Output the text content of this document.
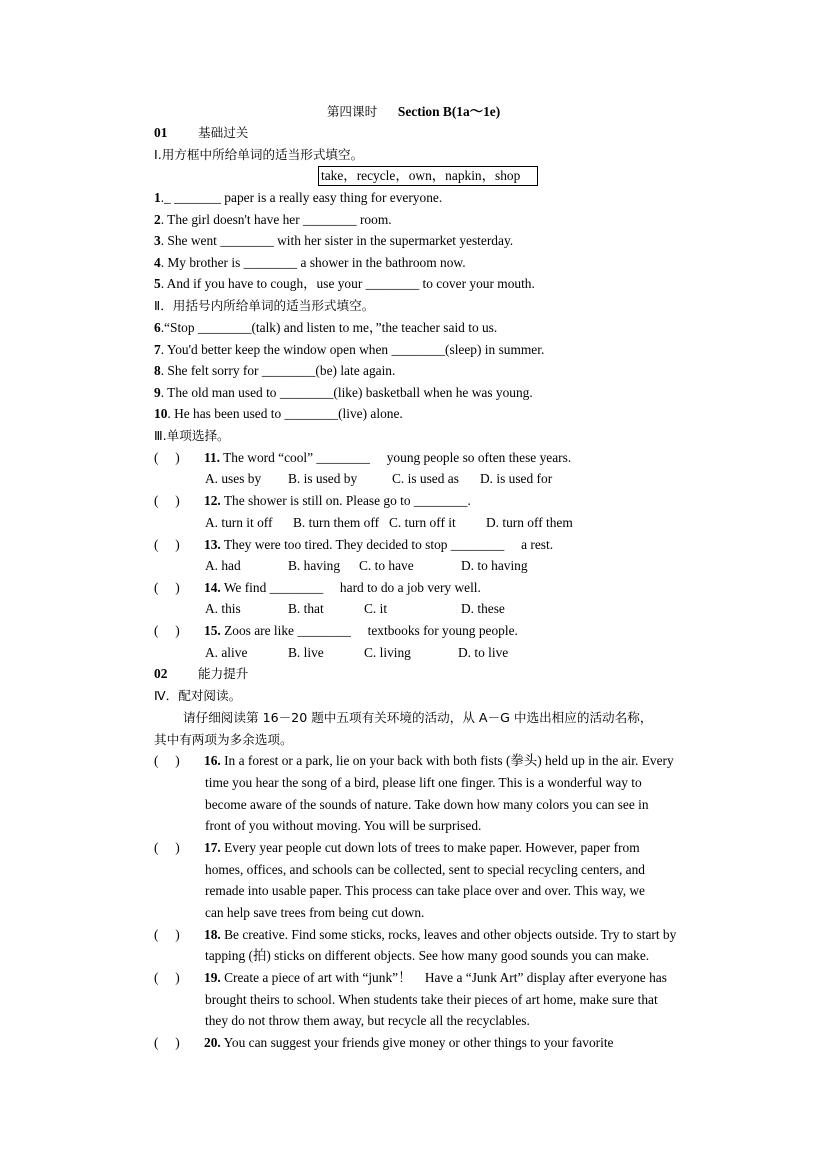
第四课时 Section B(1a～1e)
01 基础过关
Ⅰ.用方框中所给单词的适当形式填空。
take，recycle，own，napkin，shop
1._ _______ paper is a really easy thing for everyone.
2. The girl doesn't have her ________ room.
3. She went ________ with her sister in the supermarket yesterday.
4. My brother is ________ a shower in the bathroom now.
5. And if you have to cough，use your ________ to cover your mouth.
Ⅱ．用括号内所给单词的适当形式填空。
6.“Stop ________(talk) and listen to me，”the teacher said to us.
7. You'd better keep the window open when ________(sleep) in summer.
8. She felt sorry for ________(be) late again.
9. The old man used to ________(like) basketball when he was young.
10. He has been used to ________(live) alone.
Ⅲ.单项选择。
(　 ) 11. The word “cool” ________　 young people so often these years.
A. uses by B. is used by	C. is used as D. is used for
(　 ) 12. The shower is still on. Please go to ________.
A. turn it off B. turn them off C. turn off it D. turn off them
(　 ) 13. They were too tired. They decided to stop ________　 a rest.
A. had	B. having C. to have	D. to having
(　 ) 14. We find ________　 hard to do a job very well.
A. this	B. that	C. it	D. these
(　 ) 15. Zoos are like ________　 textbooks for young people.
A. alive	B. live	C. living	D. to live
02 能力提升
Ⅳ．配对阅读。
请仔细阅读第 16－20 题中五项有关环境的活动，从 A－G 中选出相应的活动名称，
其中有两项为多余选项。
(　 ) 16. In a forest or a park, lie on your back with both fists (拳头) held up in the air. Every
time you hear the song of a bird, please lift one finger. This is a wonderful way to
become aware of the sounds of nature. Take down how many colors you can see in
front of you without moving. You will be surprised.
(　 ) 17. Every year people cut down lots of trees to make paper. However, paper from
homes, offices, and schools can be collected, sent to special recycling centers, and
remade into usable paper. This process can take place over and over. This way, we
can help save trees from being cut down.
(　 ) 18. Be creative. Find some sticks, rocks, leaves and other objects outside. Try to start by
tapping (拍) sticks on different objects. See how many good sounds you can make.
(　 ) 19. Create a piece of art with “junk”！　Have a “Junk Art” display after everyone has
brought theirs to school. When students take their pieces of art home, make sure that
they do not throw them away, but recycle all the recyclables.
(　 ) 20. You can suggest your friends give money or other things to your favorite
